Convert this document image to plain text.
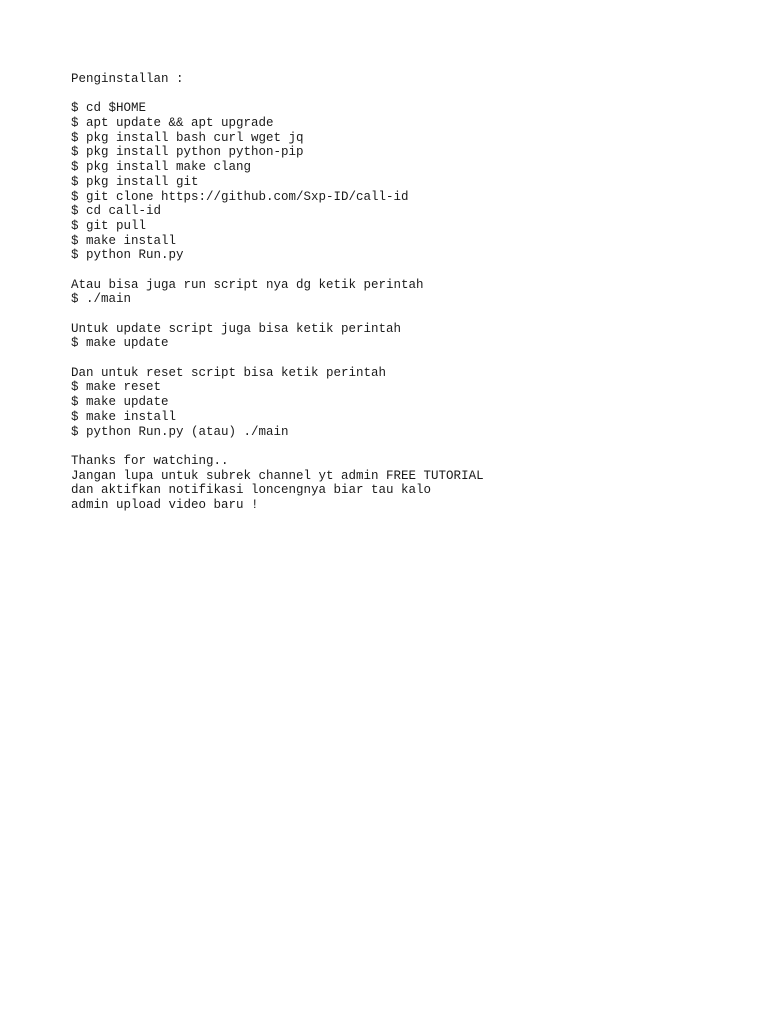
Penginstallan :
$ cd $HOME
$ apt update && apt upgrade
$ pkg install bash curl wget jq
$ pkg install python python-pip
$ pkg install make clang
$ pkg install git
$ git clone https://github.com/Sxp-ID/call-id
$ cd call-id
$ git pull
$ make install
$ python Run.py
Atau bisa juga run script nya dg ketik perintah
$ ./main
Untuk update script juga bisa ketik perintah
$ make update
Dan untuk reset script bisa ketik perintah
$ make reset
$ make update
$ make install
$ python Run.py (atau) ./main
Thanks for watching..
Jangan lupa untuk subrek channel yt admin FREE TUTORIAL
dan aktifkan notifikasi loncengnya biar tau kalo
admin upload video baru !
